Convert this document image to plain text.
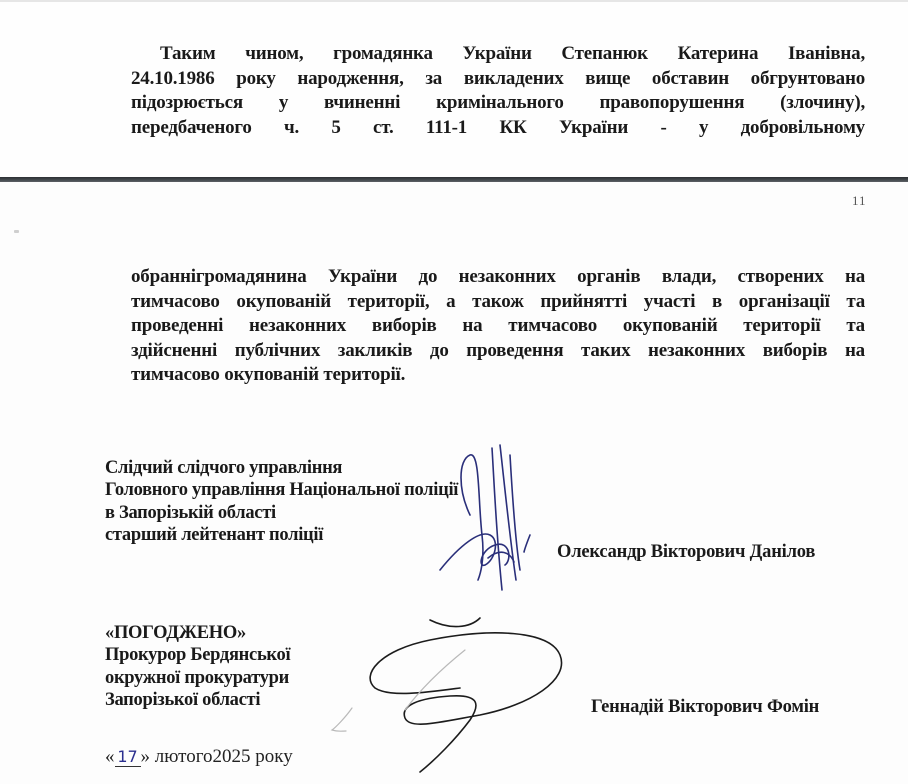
Таким чином, громадянка України Степанюк Катерина Іванівна,
24.10.1986 року народження, за викладених вище обставин обгрунтовано
підозрюється у вчиненні кримінального правопорушення (злочину),
передбаченого ч. 5 ст. 111-1 КК України - у добровільному
11
обраннігромадянина України до незаконних органів влади, створених на
тимчасово окупованій території, а також прийнятті участі в організації та
проведенні незаконних виборів на тимчасово окупованій території та
здійсненні публічних закликів до проведення таких незаконних виборів на
тимчасово окупованій території.
Слідчий слідчого управління
Головного управління Національної поліції
в Запорізькій області
старший лейтенант поліції
Олександр Вікторович Данілов
«ПОГОДЖЕНО»
Прокурор Бердянської
окружної прокуратури
Запорізької області	Геннадій Вікторович Фомін
« 17 » лютого2025 року
